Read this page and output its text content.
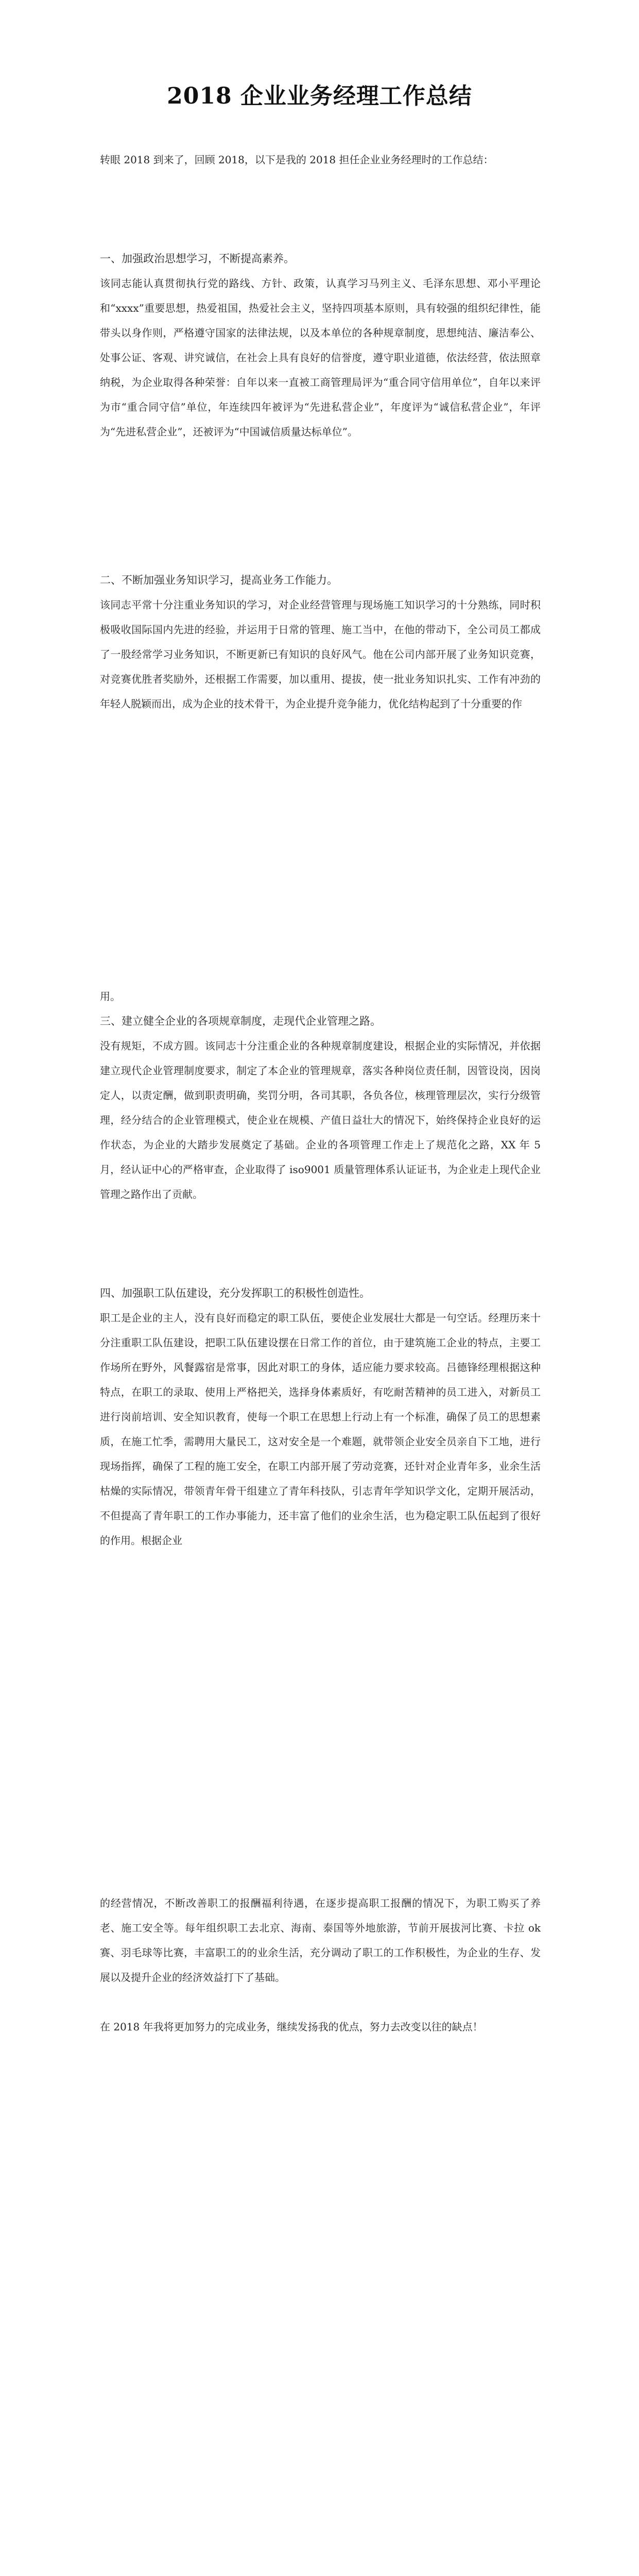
2018 企业业务经理工作总结

转眼 2018 到来了，回顾 2018，以下是我的 2018 担任企业业务经理时的工作总结：

一、加强政治思想学习，不断提高素养。

该同志能认真贯彻执行党的路线、方针、政策，认真学习马列主义、毛泽东思想、邓小平理论和“xxxx”重要思想，热爱祖国，热爱社会主义，坚持四项基本原则，具有较强的组织纪律性，能带头以身作则，严格遵守国家的法律法规，以及本单位的各种规章制度，思想纯洁、廉洁奉公、处事公证、客观、讲究诚信，在社会上具有良好的信誉度，遵守职业道德，依法经营，依法照章纳税，为企业取得各种荣誉：自年以来一直被工商管理局评为“重合同守信用单位”，自年以来评为市“重合同守信”单位，年连续四年被评为“先进私营企业”，年度评为“诚信私营企业”，年评为“先进私营企业”，还被评为“中国诚信质量达标单位”。

二、不断加强业务知识学习，提高业务工作能力。

该同志平常十分注重业务知识的学习，对企业经营管理与现场施工知识学习的十分熟练，同时积极吸收国际国内先进的经验，并运用于日常的管理、施工当中，在他的带动下，全公司员工都成了一股经常学习业务知识，不断更新已有知识的良好风气。他在公司内部开展了业务知识竞赛，对竞赛优胜者奖励外，还根据工作需要，加以重用、提拔，使一批业务知识扎实、工作有冲劲的年轻人脱颖而出，成为企业的技术骨干，为企业提升竞争能力，优化结构起到了十分重要的作

用。

三、建立健全企业的各项规章制度，走现代企业管理之路。

没有规矩，不成方圆。该同志十分注重企业的各种规章制度建设，根据企业的实际情况，并依据建立现代企业管理制度要求，制定了本企业的管理规章，落实各种岗位责任制，因管设岗，因岗定人，以责定酬，做到职责明确，奖罚分明，各司其职，各负各位，核理管理层次，实行分级管理，经分结合的企业管理模式，使企业在规模、产值日益壮大的情况下，始终保持企业良好的运作状态，为企业的大踏步发展奠定了基础。企业的各项管理工作走上了规范化之路，XX 年 5 月，经认证中心的严格审查，企业取得了 iso9001 质量管理体系认证证书，为企业走上现代企业管理之路作出了贡献。

四、加强职工队伍建设，充分发挥职工的积极性创造性。

职工是企业的主人，没有良好而稳定的职工队伍，要使企业发展壮大都是一句空话。经理历来十分注重职工队伍建设，把职工队伍建设摆在日常工作的首位，由于建筑施工企业的特点，主要工作场所在野外，风餐露宿是常事，因此对职工的身体，适应能力要求较高。吕德锋经理根据这种特点，在职工的录取、使用上严格把关，选择身体素质好，有吃耐苦精神的员工进入，对新员工进行岗前培训、安全知识教育，使每一个职工在思想上行动上有一个标准，确保了员工的思想素质，在施工忙季，需聘用大量民工，这对安全是一个难题，就带领企业安全员亲自下工地，进行现场指挥，确保了工程的施工安全，在职工内部开展了劳动竞赛，还针对企业青年多，业余生活枯燥的实际情况，带领青年骨干组建立了青年科技队，引志青年学知识学文化，定期开展活动，不但提高了青年职工的工作办事能力，还丰富了他们的业余生活，也为稳定职工队伍起到了很好的作用。根据企业

的经营情况，不断改善职工的报酬福利待遇，在逐步提高职工报酬的情况下，为职工购买了养老、施工安全等。每年组织职工去北京、海南、泰国等外地旅游，节前开展拔河比赛、卡拉 ok 赛、羽毛球等比赛，丰富职工的的业余生活，充分调动了职工的工作积极性，为企业的生存、发展以及提升企业的经济效益打下了基础。

在 2018 年我将更加努力的完成业务，继续发扬我的优点，努力去改变以往的缺点！
